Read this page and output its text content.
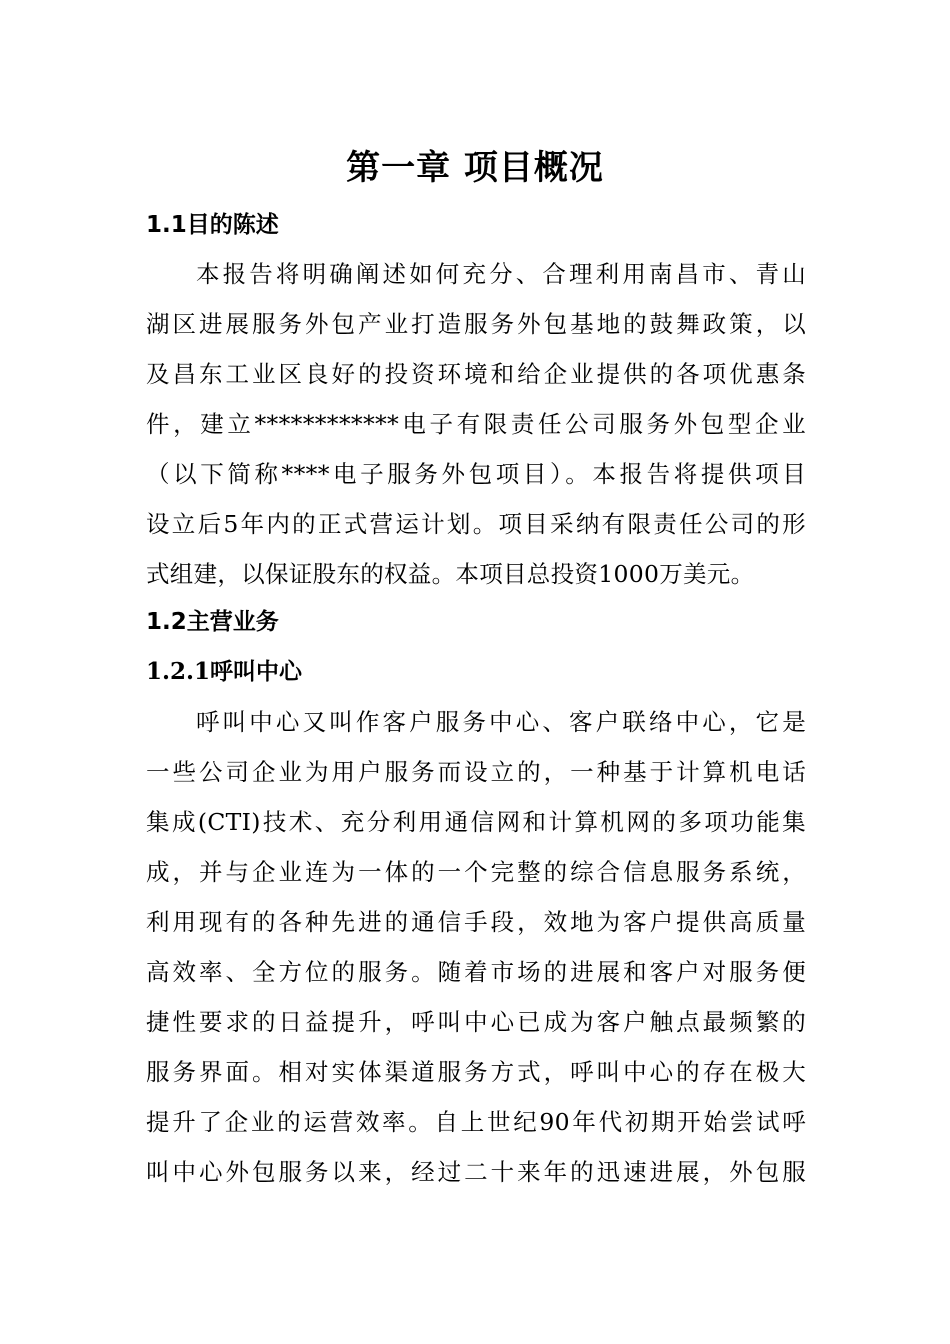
第一章 项目概况
1.1目的陈述

本报告将明确阐述如何充分、合理利用南昌市、青山

湖区进展服务外包产业打造服务外包基地的鼓舞政策，以

及昌东工业区良好的投资环境和给企业提供的各项优惠条

件，建立************电子有限责任公司服务外包型企业

（以下简称****电子服务外包项目）。本报告将提供项目

设立后5年内的正式营运计划。项目采纳有限责任公司的形

式组建，以保证股东的权益。本项目总投资1000万美元。

1.2主营业务
1.2.1呼叫中心

呼叫中心又叫作客户服务中心、客户联络中心，它是

一些公司企业为用户服务而设立的，一种基于计算机电话

集成(CTI)技术、充分利用通信网和计算机网的多项功能集

成，并与企业连为一体的一个完整的综合信息服务系统，

利用现有的各种先进的通信手段，效地为客户提供高质量

高效率、全方位的服务。随着市场的进展和客户对服务便

捷性要求的日益提升，呼叫中心已成为客户触点最频繁的

服务界面。相对实体渠道服务方式，呼叫中心的存在极大

提升了企业的运营效率。自上世纪90年代初期开始尝试呼

叫中心外包服务以来，经过二十来年的迅速进展，外包服
